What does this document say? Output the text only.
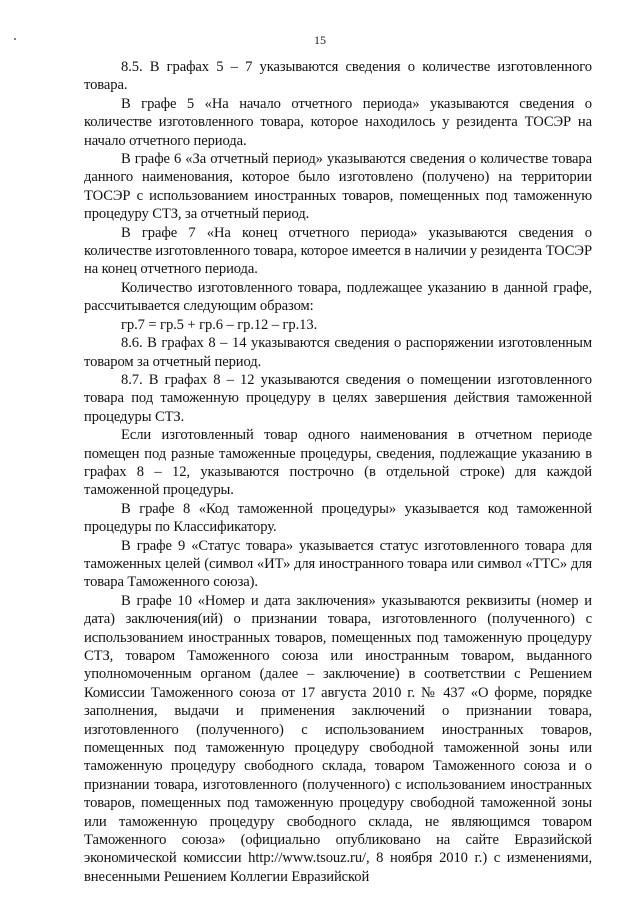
15

8.5. В графах 5 – 7 указываются сведения о количестве изготовленного товара.

В графе 5 «На начало отчетного периода» указываются сведения о количестве изготовленного товара, которое находилось у резидента ТОСЭР на начало отчетного периода.

В графе 6 «За отчетный период» указываются сведения о количестве товара данного наименования, которое было изготовлено (получено) на территории ТОСЭР с использованием иностранных товаров, помещенных под таможенную процедуру СТЗ, за отчетный период.

В графе 7 «На конец отчетного периода» указываются сведения о количестве изготовленного товара, которое имеется в наличии у резидента ТОСЭР на конец отчетного периода.

Количество изготовленного товара, подлежащее указанию в данной графе, рассчитывается следующим образом:

гр.7 = гр.5 + гр.6 – гр.12 – гр.13.

8.6. В графах 8 – 14 указываются сведения о распоряжении изготовленным товаром за отчетный период.

8.7. В графах 8 – 12 указываются сведения о помещении изготовленного товара под таможенную процедуру в целях завершения действия таможенной процедуры СТЗ.

Если изготовленный товар одного наименования в отчетном периоде помещен под разные таможенные процедуры, сведения, подлежащие указанию в графах 8 – 12, указываются построчно (в отдельной строке) для каждой таможенной процедуры.

В графе 8 «Код таможенной процедуры» указывается код таможенной процедуры по Классификатору.

В графе 9 «Статус товара» указывается статус изготовленного товара для таможенных целей (символ «ИТ» для иностранного товара или символ «ТТС» для товара Таможенного союза).

В графе 10 «Номер и дата заключения» указываются реквизиты (номер и дата) заключения(ий) о признании товара, изготовленного (полученного) с использованием иностранных товаров, помещенных под таможенную процедуру СТЗ, товаром Таможенного союза или иностранным товаром, выданного уполномоченным органом (далее – заключение) в соответствии с Решением Комиссии Таможенного союза от 17 августа 2010 г. № 437 «О форме, порядке заполнения, выдачи и применения заключений о признании товара, изготовленного (полученного) с использованием иностранных товаров, помещенных под таможенную процедуру свободной таможенной зоны или таможенную процедуру свободного склада, товаром Таможенного союза и о признании товара, изготовленного (полученного) с использованием иностранных товаров, помещенных под таможенную процедуру свободной таможенной зоны или таможенную процедуру свободного склада, не являющимся товаром Таможенного союза» (официально опубликовано на сайте Евразийской экономической комиссии http://www.tsouz.ru/, 8 ноября 2010 г.) с изменениями, внесенными Решением Коллегии Евразийской
